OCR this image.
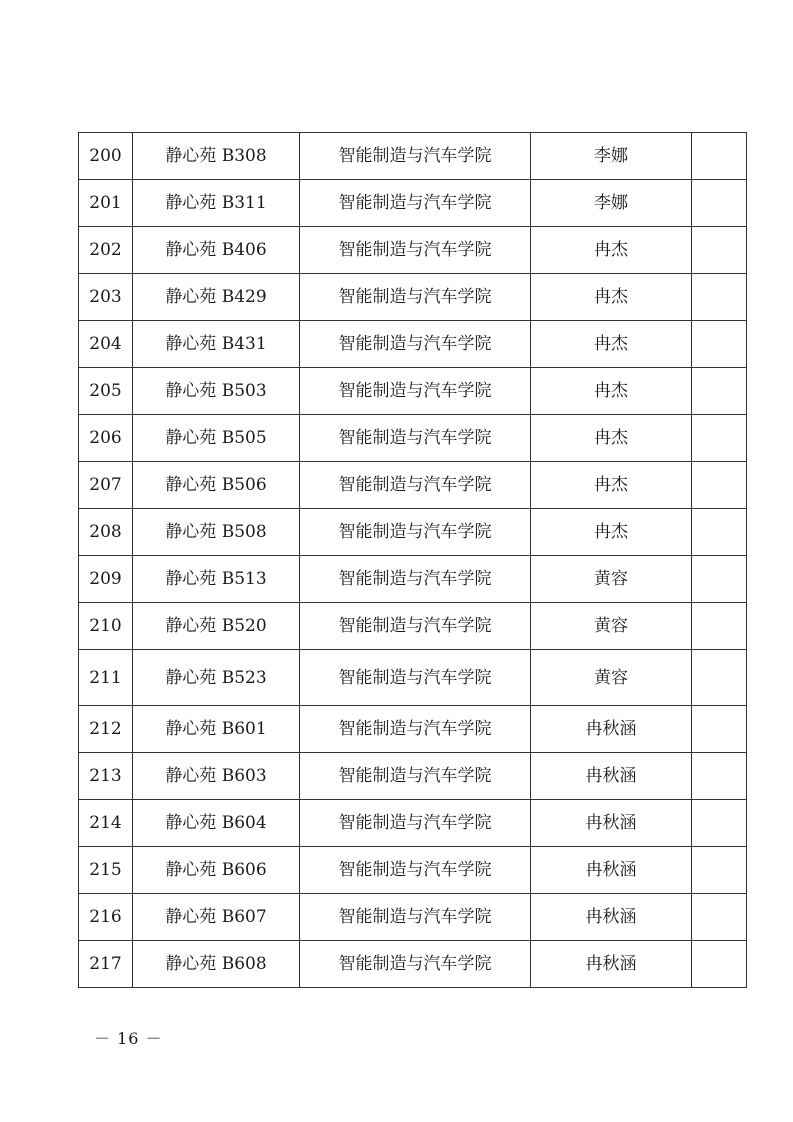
200	静心苑 B308	智能制造与汽车学院	李娜	
201	静心苑 B311	智能制造与汽车学院	李娜	
202	静心苑 B406	智能制造与汽车学院	冉杰	
203	静心苑 B429	智能制造与汽车学院	冉杰	
204	静心苑 B431	智能制造与汽车学院	冉杰	
205	静心苑 B503	智能制造与汽车学院	冉杰	
206	静心苑 B505	智能制造与汽车学院	冉杰	
207	静心苑 B506	智能制造与汽车学院	冉杰	
208	静心苑 B508	智能制造与汽车学院	冉杰	
209	静心苑 B513	智能制造与汽车学院	黄容	
210	静心苑 B520	智能制造与汽车学院	黄容	
211	静心苑 B523	智能制造与汽车学院	黄容	
212	静心苑 B601	智能制造与汽车学院	冉秋涵	
213	静心苑 B603	智能制造与汽车学院	冉秋涵	
214	静心苑 B604	智能制造与汽车学院	冉秋涵	
215	静心苑 B606	智能制造与汽车学院	冉秋涵	
216	静心苑 B607	智能制造与汽车学院	冉秋涵	
217	静心苑 B608	智能制造与汽车学院	冉秋涵	
－ 16 －
